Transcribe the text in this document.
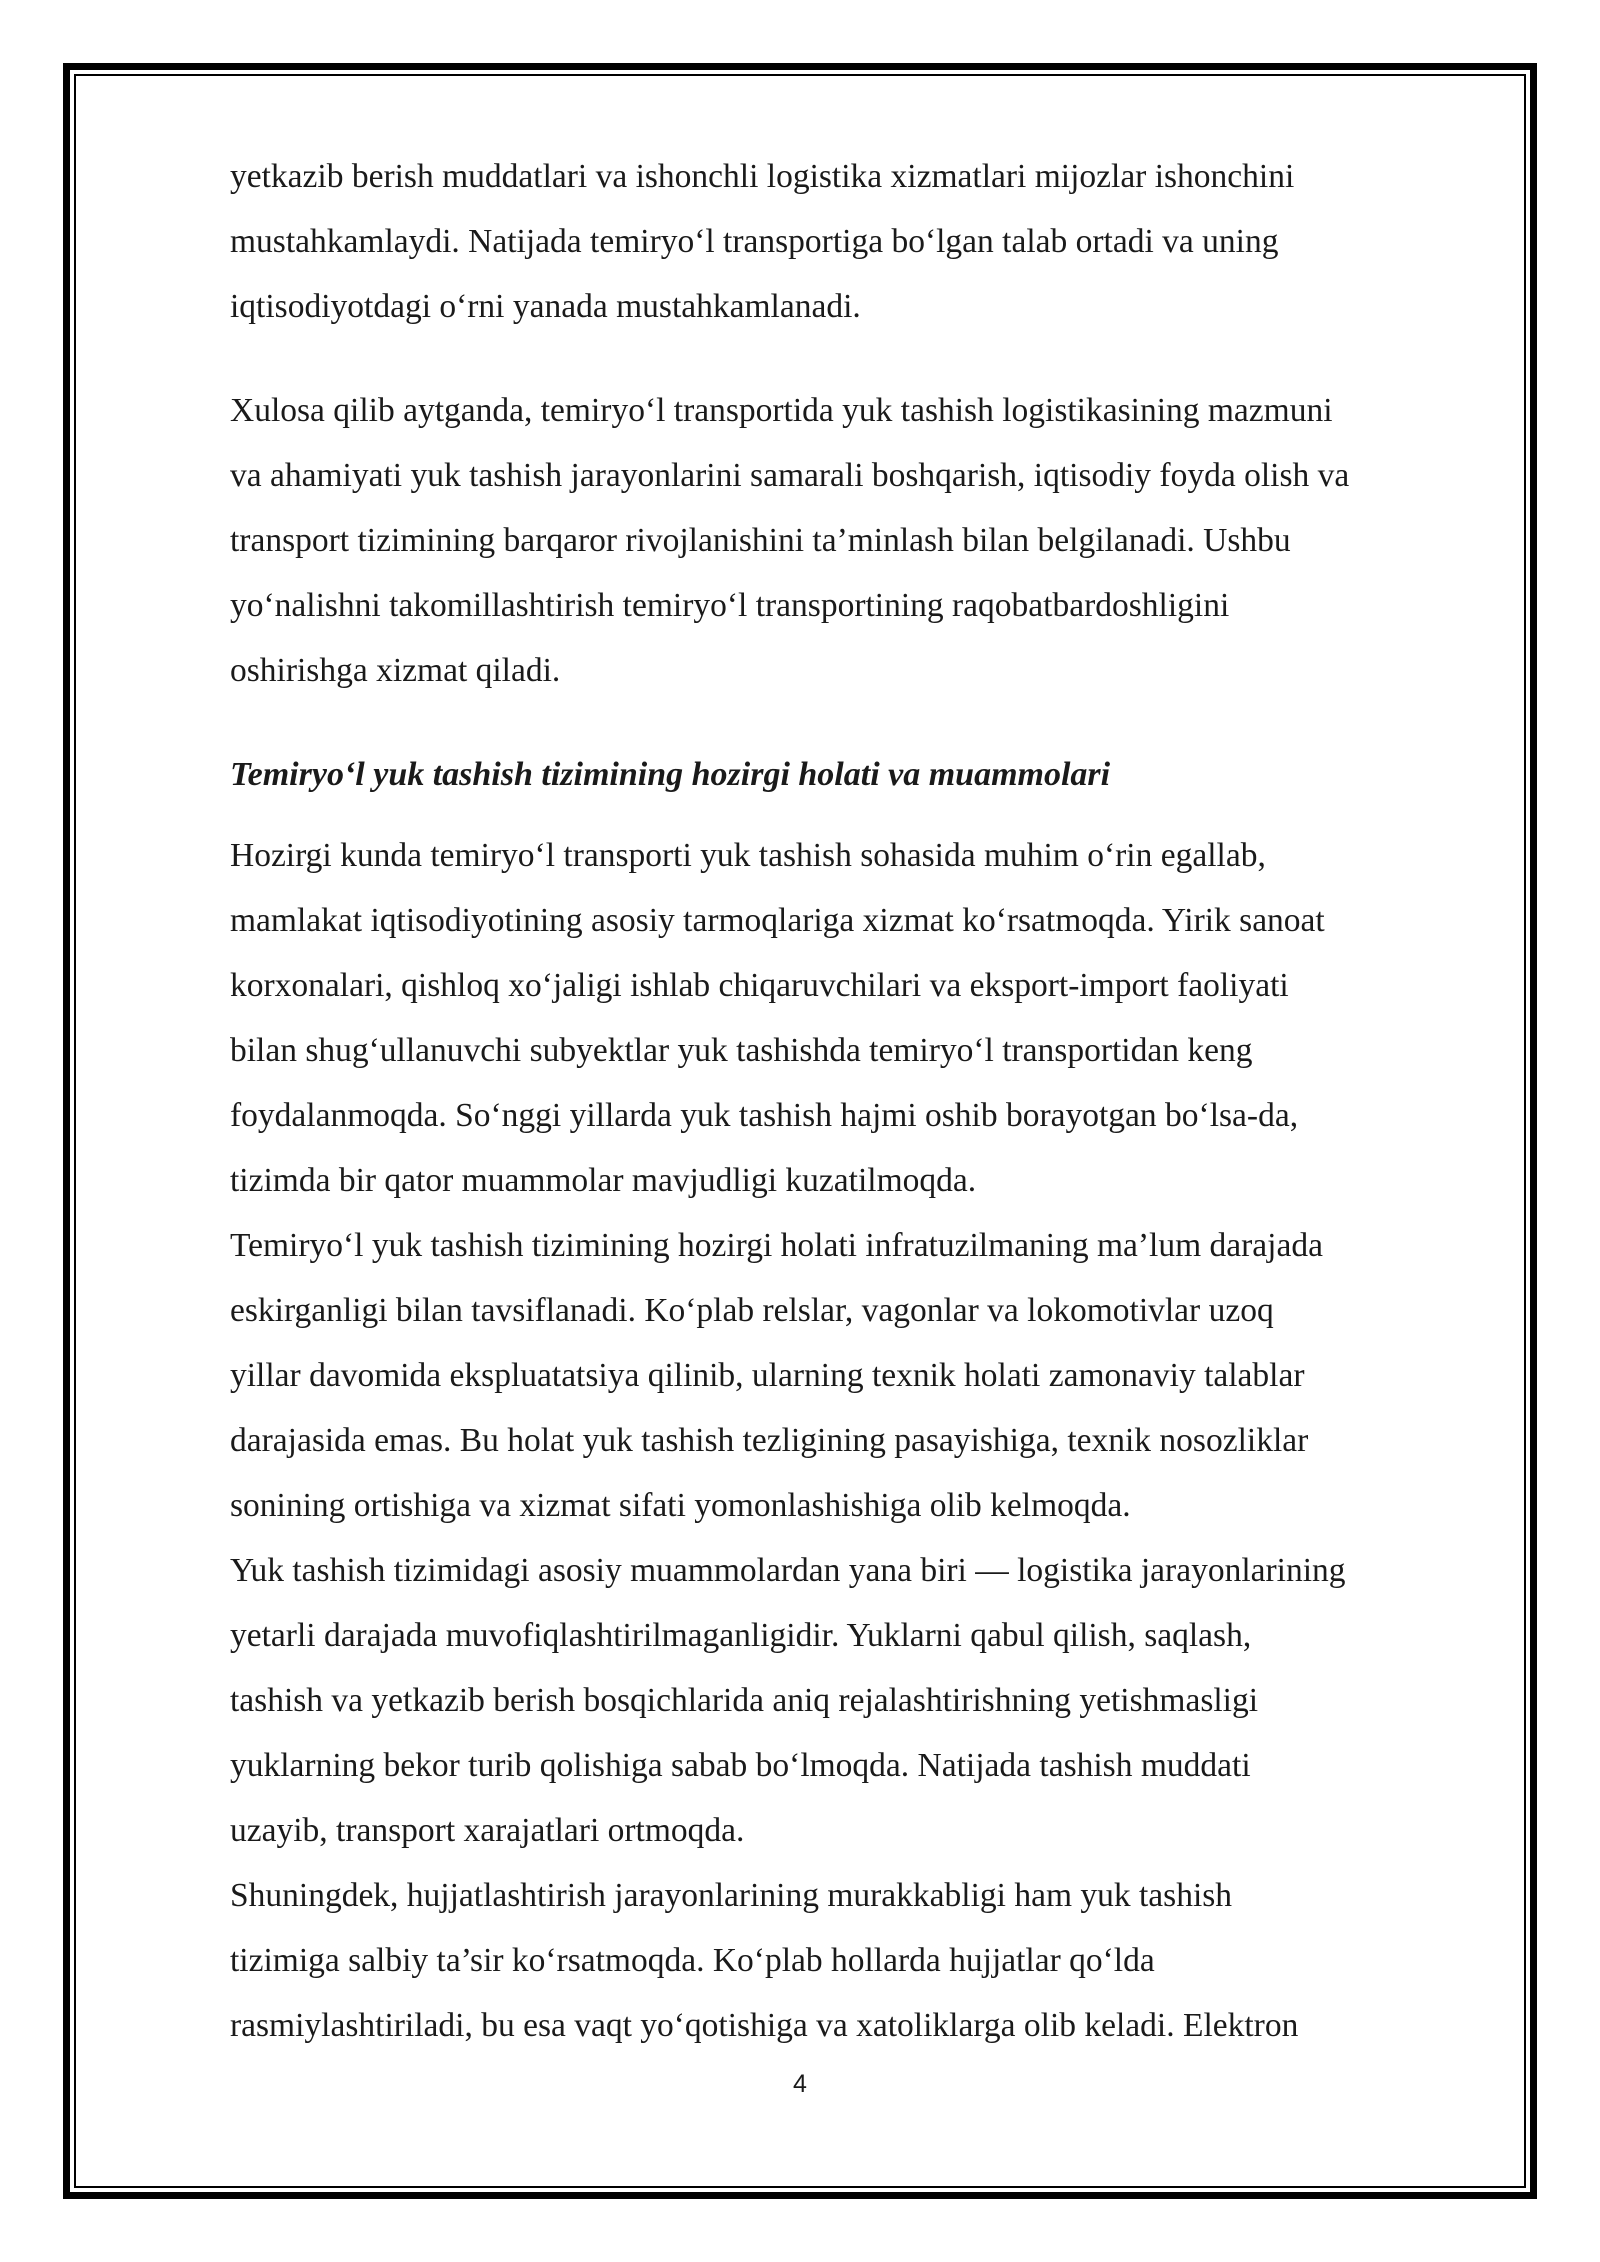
yetkazib berish muddatlari va ishonchli logistika xizmatlari mijozlar ishonchini

mustahkamlaydi. Natijada temiryo‘l transportiga bo‘lgan talab ortadi va uning

iqtisodiyotdagi o‘rni yanada mustahkamlanadi.

Xulosa qilib aytganda, temiryo‘l transportida yuk tashish logistikasining mazmuni

va ahamiyati yuk tashish jarayonlarini samarali boshqarish, iqtisodiy foyda olish va

transport tizimining barqaror rivojlanishini ta’minlash bilan belgilanadi. Ushbu

yo‘nalishni takomillashtirish temiryo‘l transportining raqobatbardoshligini

oshirishga xizmat qiladi.

Temiryo‘l yuk tashish tizimining hozirgi holati va muammolari

Hozirgi kunda temiryo‘l transporti yuk tashish sohasida muhim o‘rin egallab,

mamlakat iqtisodiyotining asosiy tarmoqlariga xizmat ko‘rsatmoqda. Yirik sanoat

korxonalari, qishloq xo‘jaligi ishlab chiqaruvchilari va eksport-import faoliyati

bilan shug‘ullanuvchi subyektlar yuk tashishda temiryo‘l transportidan keng

foydalanmoqda. So‘nggi yillarda yuk tashish hajmi oshib borayotgan bo‘lsa-da,

tizimda bir qator muammolar mavjudligi kuzatilmoqda.

Temiryo‘l yuk tashish tizimining hozirgi holati infratuzilmaning ma’lum darajada

eskirganligi bilan tavsiflanadi. Ko‘plab relslar, vagonlar va lokomotivlar uzoq

yillar davomida ekspluatatsiya qilinib, ularning texnik holati zamonaviy talablar

darajasida emas. Bu holat yuk tashish tezligining pasayishiga, texnik nosozliklar

sonining ortishiga va xizmat sifati yomonlashishiga olib kelmoqda.

Yuk tashish tizimidagi asosiy muammolardan yana biri — logistika jarayonlarining

yetarli darajada muvofiqlashtirilmaganligidir. Yuklarni qabul qilish, saqlash,

tashish va yetkazib berish bosqichlarida aniq rejalashtirishning yetishmasligi

yuklarning bekor turib qolishiga sabab bo‘lmoqda. Natijada tashish muddati

uzayib, transport xarajatlari ortmoqda.

Shuningdek, hujjatlashtirish jarayonlarining murakkabligi ham yuk tashish

tizimiga salbiy ta’sir ko‘rsatmoqda. Ko‘plab hollarda hujjatlar qo‘lda

rasmiylashtiriladi, bu esa vaqt yo‘qotishiga va xatoliklarga olib keladi. Elektron

4
